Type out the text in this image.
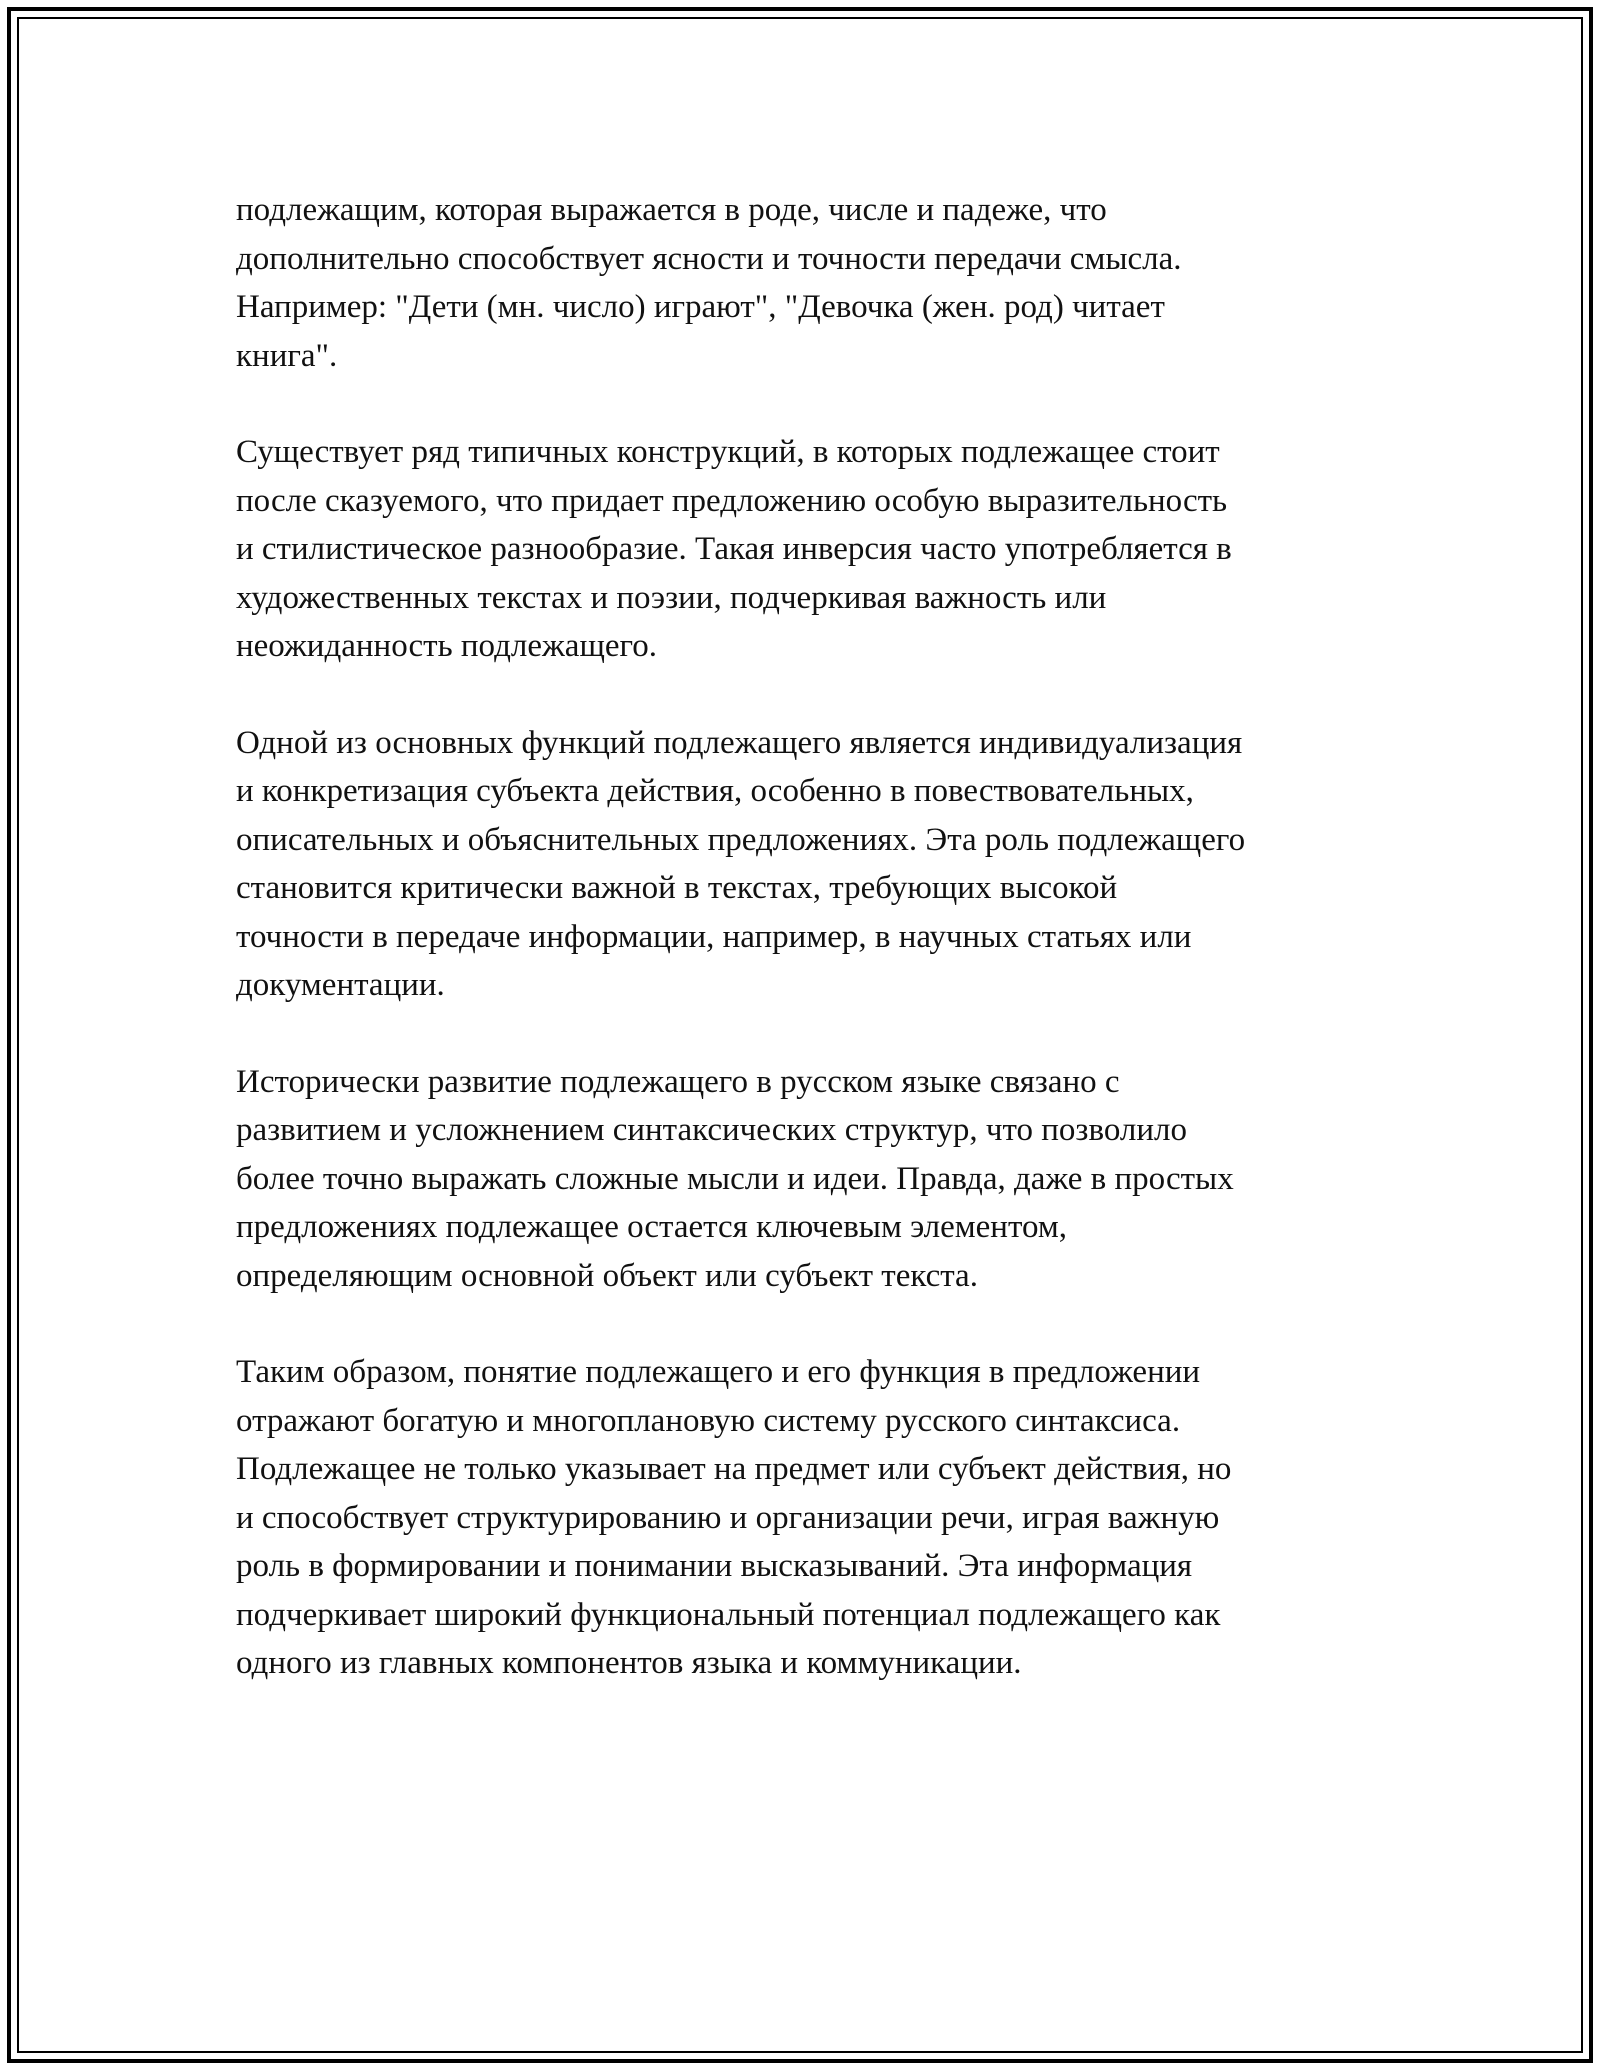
подлежащим, которая выражается в роде, числе и падеже, что
дополнительно способствует ясности и точности передачи смысла.
Например: "Дети (мн. число) играют", "Девочка (жен. род) читает
книга".

Существует ряд типичных конструкций, в которых подлежащее стоит
после сказуемого, что придает предложению особую выразительность
и стилистическое разнообразие. Такая инверсия часто употребляется в
художественных текстах и поэзии, подчеркивая важность или
неожиданность подлежащего.

Одной из основных функций подлежащего является индивидуализация
и конкретизация субъекта действия, особенно в повествовательных,
описательных и объяснительных предложениях. Эта роль подлежащего
становится критически важной в текстах, требующих высокой
точности в передаче информации, например, в научных статьях или
документации.

Исторически развитие подлежащего в русском языке связано с
развитием и усложнением синтаксических структур, что позволило
более точно выражать сложные мысли и идеи. Правда, даже в простых
предложениях подлежащее остается ключевым элементом,
определяющим основной объект или субъект текста.

Таким образом, понятие подлежащего и его функция в предложении
отражают богатую и многоплановую систему русского синтаксиса.
Подлежащее не только указывает на предмет или субъект действия, но
и способствует структурированию и организации речи, играя важную
роль в формировании и понимании высказываний. Эта информация
подчеркивает широкий функциональный потенциал подлежащего как
одного из главных компонентов языка и коммуникации.
